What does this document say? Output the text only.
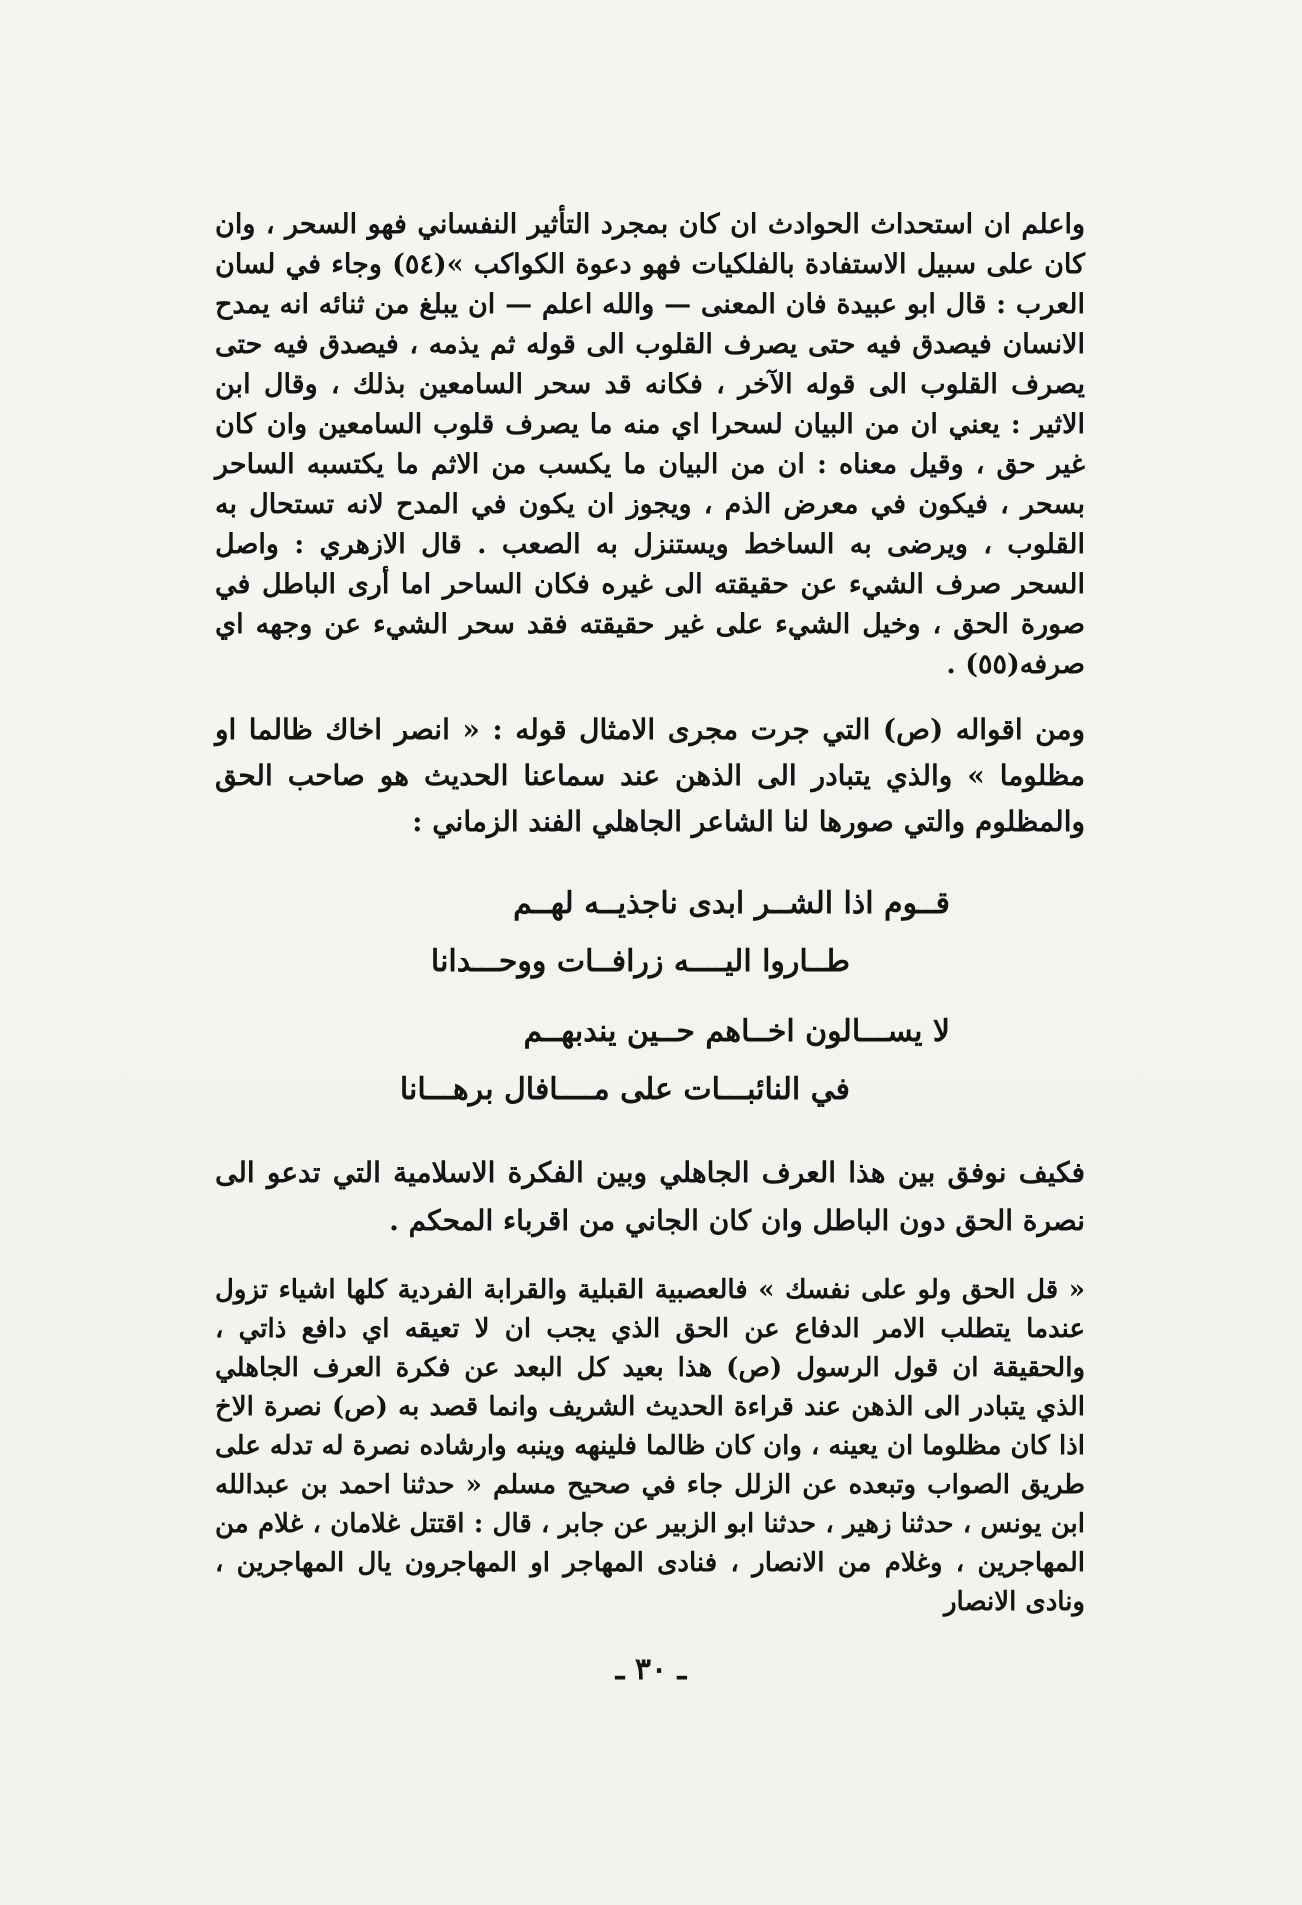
واعلم ان استحداث الحوادث ان كان بمجرد التأثير النفساني فهو السحر ، وان كان على سبيل الاستفادة بالفلكيات فهو دعوة الكواكب »(٥٤) وجاء في لسان العرب : قال ابو عبيدة فان المعنى — والله اعلم — ان يبلغ من ثنائه انه يمدح الانسان فيصدق فيه حتى يصرف القلوب الى قوله ثم يذمه ، فيصدق فيه حتى يصرف القلوب الى قوله الآخر ، فكانه قد سحر السامعين بذلك ، وقال ابن الاثير : يعني ان من البيان لسحرا اي منه ما يصرف قلوب السامعين وان كان غير حق ، وقيل معناه : ان من البيان ما يكسب من الاثم ما يكتسبه الساحر بسحر ، فيكون في معرض الذم ، ويجوز ان يكون في المدح لانه تستحال به القلوب ، ويرضى به الساخط ويستنزل به الصعب . قال الازهري : واصل السحر صرف الشيء عن حقيقته الى غيره فكان الساحر اما أرى الباطل في صورة الحق ، وخيل الشيء على غير حقيقته فقد سحر الشيء عن وجهه اي صرفه(٥٥) .

ومن اقواله (ص) التي جرت مجرى الامثال قوله : « انصر اخاك ظالما او مظلوما » والذي يتبادر الى الذهن عند سماعنا الحديث هو صاحب الحق والمظلوم والتي صورها لنا الشاعر الجاهلي الفند الزماني :

قــوم اذا الشــر ابدى ناجذيــه لهــم
طــاروا اليــــه زرافــات ووحـــدانا
لا يســـالون اخــاهم حــين يندبهــم
في النائبـــات على مــــافال برهـــانا

فكيف نوفق بين هذا العرف الجاهلي وبين الفكرة الاسلامية التي تدعو الى نصرة الحق دون الباطل وان كان الجاني من اقرباء المحكم .

« قل الحق ولو على نفسك » فالعصبية القبلية والقرابة الفردية كلها اشياء تزول عندما يتطلب الامر الدفاع عن الحق الذي يجب ان لا تعيقه اي دافع ذاتي ، والحقيقة ان قول الرسول (ص) هذا بعيد كل البعد عن فكرة العرف الجاهلي الذي يتبادر الى الذهن عند قراءة الحديث الشريف وانما قصد به (ص) نصرة الاخ اذا كان مظلوما ان يعينه ، وان كان ظالما فلينهه وينبه وارشاده نصرة له تدله على طريق الصواب وتبعده عن الزلل جاء في صحيح مسلم « حدثنا احمد بن عبدالله ابن يونس ، حدثنا زهير ، حدثنا ابو الزبير عن جابر ، قال : اقتتل غلامان ، غلام من المهاجرين ، وغلام من الانصار ، فنادى المهاجر او المهاجرون يال المهاجرين ، ونادى الانصار

ـ ٣٠ ـ
